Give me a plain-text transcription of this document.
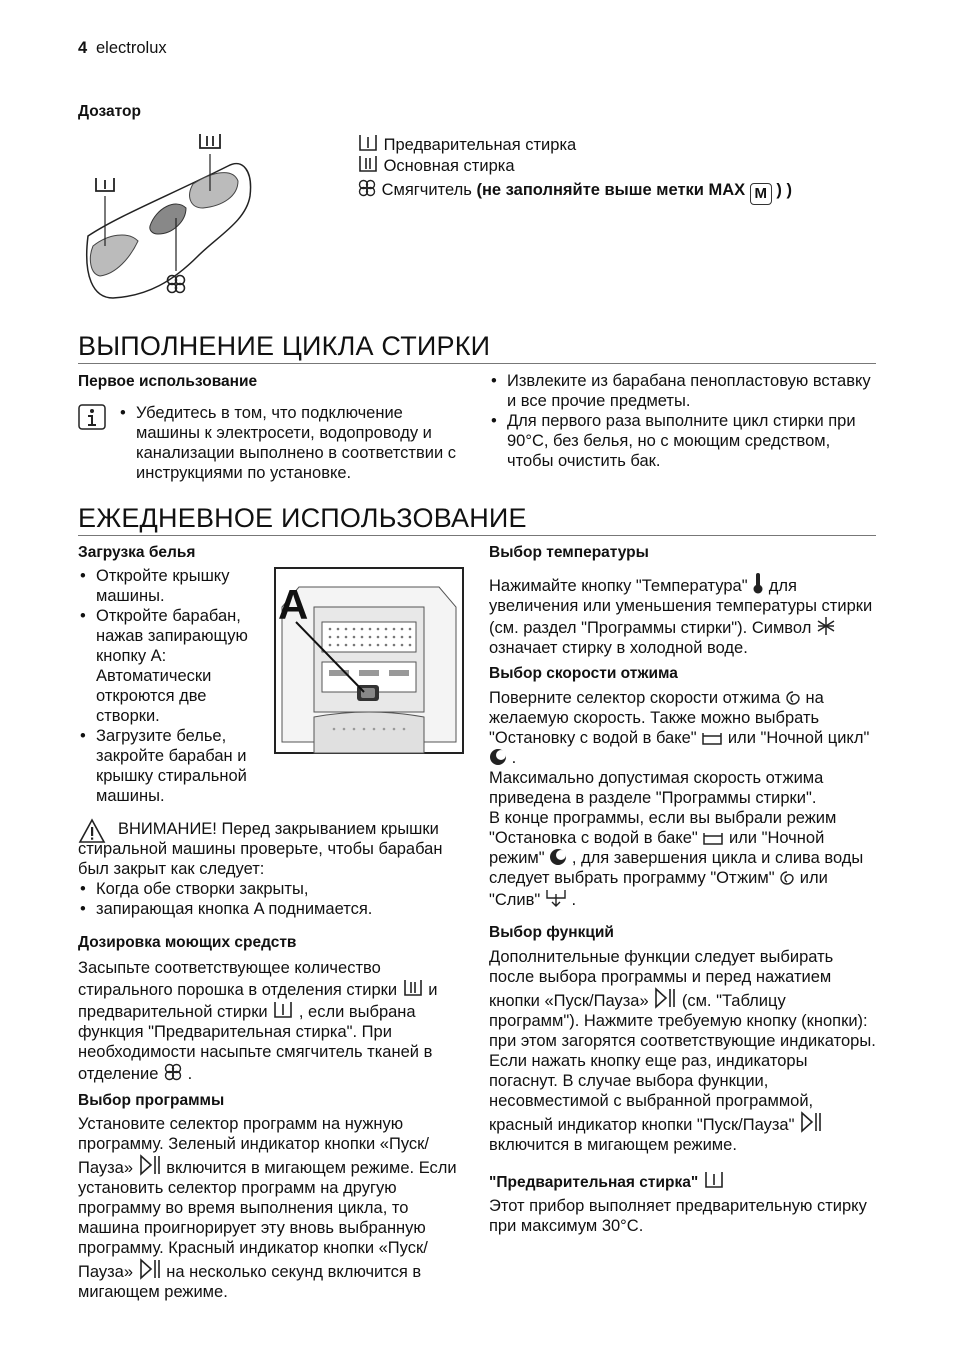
4 electrolux
Дозатор
Предварительная стирка
Основная стирка
Смягчитель (не заполняйте выше метки MAX M ) )
ВЫПОЛНЕНИЕ ЦИКЛА СТИРКИ
Первое использование
• Убедитесь в том, что подключение машины к электросети, водопроводу и канализации выполнено в соответствии с инструкциями по установке.
• Извлеките из барабана пенопластовую вставку и все прочие предметы.
• Для первого раза выполните цикл стирки при 90°C, без белья, но с моющим средством, чтобы очистить бак.
ЕЖЕДНЕВНОЕ ИСПОЛЬЗОВАНИЕ
Загрузка белья
• Откройте крышку машины.
• Откройте барабан, нажав запирающую кнопку A: Автоматически откроются две створки.
• Загрузите белье, закройте барабан и крышку стиральной машины.
A
ВНИМАНИЕ! Перед закрыванием крышки стиральной машины проверьте, чтобы барабан был закрыт как следует:
• Когда обе створки закрыты,
• запирающая кнопка A поднимается.
Дозировка моющих средств
Засыпьте соответствующее количество стирального порошка в отделения стирки и предварительной стирки , если выбрана функция "Предварительная стирка". При необходимости насыпьте смягчитель тканей в отделение .
Выбор программы
Установите селектор программ на нужную программу. Зеленый индикатор кнопки «Пуск/Пауза» включится в мигающем режиме. Если установить селектор программ на другую программу во время выполнения цикла, то машина проигнорирует эту вновь выбранную программу. Красный индикатор кнопки «Пуск/Пауза» на несколько секунд включится в мигающем режиме.
Выбор температуры
Нажимайте кнопку "Температура" для увеличения или уменьшения температуры стирки (см. раздел "Программы стирки"). Символ  означает стирку в холодной воде.
Выбор скорости отжима
Поверните селектор скорости отжима на желаемую скорость. Также можно выбрать "Остановку с водой в баке" или "Ночной цикл"  .
Максимально допустимая скорость отжима приведена в разделе "Программы стирки".
В конце программы, если вы выбрали режим "Остановка с водой в баке" или "Ночной режим" , для завершения цикла и слива воды следует выбрать программу "Отжим" или "Слив" .
Выбор функций
Дополнительные функции следует выбирать после выбора программы и перед нажатием кнопки «Пуск/Пауза» (см. "Таблицу программ"). Нажмите требуемую кнопку (кнопки): при этом загорятся соответствующие индикаторы. Если нажать кнопку еще раз, индикаторы погаснут. В случае выбора функции, несовместимой с выбранной программой, красный индикатор кнопки "Пуск/Пауза"  включится в мигающем режиме.
"Предварительная стирка"
Этот прибор выполняет предварительную стирку при максимум 30°C.
